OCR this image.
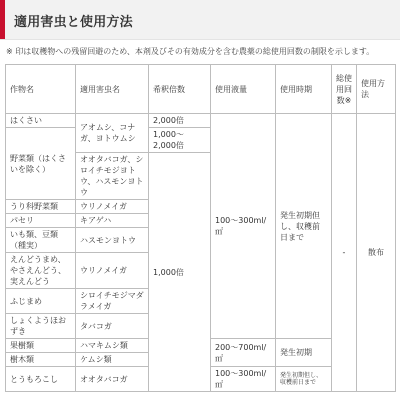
適用害虫と使用方法
※ 印は収穫物への残留回避のため、本剤及びその有効成分を含む農薬の総使用回数の制限を示します。
作物名	適用害虫名	希釈倍数	使用液量	使用時期	総使用回数※	使用方法
はくさい	アオムシ、コナガ、ヨトウムシ	2,000倍	100～300ml/㎡	発生初期但し、収穫前日まで	-	散布
野菜類（はくさいを除く）		1,000～2,000倍				
	オオタバコガ、シロイチモジヨトウ、ハスモンヨトウ	1,000倍				
うり科野菜類	ウリノメイガ					
パセリ	キアゲハ					
いも類、豆類（種実）	ハスモンヨトウ					
えんどうまめ、やさえんどう、実えんどう	ウリノメイガ					
ふじまめ	シロイチモジマダラメイガ					
しょくようほおずき	タバコガ					
果樹類	ハマキムシ類		200～700ml/㎡	発生初期		
樹木類	ケムシ類					
とうもろこし	オオタバコガ		100～300ml/㎡	発生初期但し、収穫前日まで		
